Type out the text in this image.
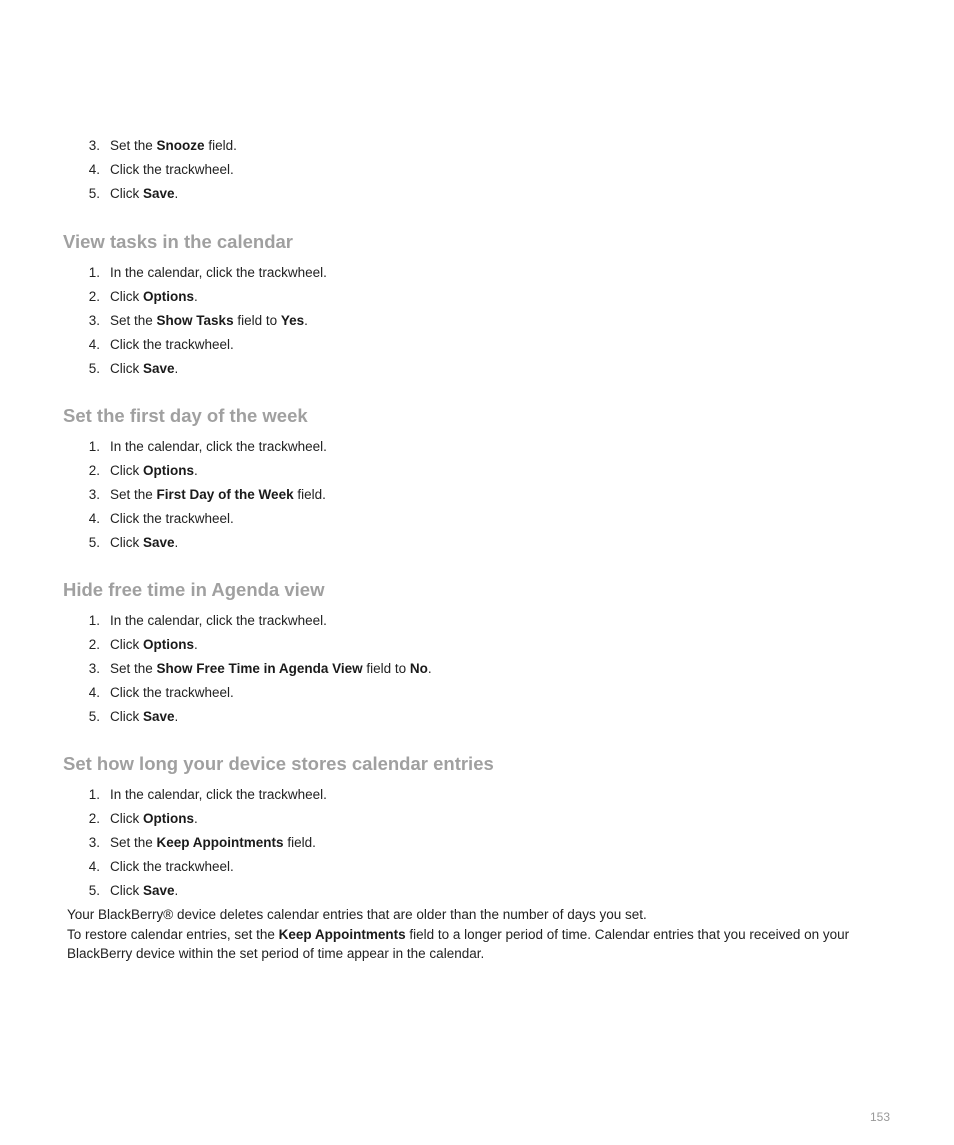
3. Set the Snooze field.
4. Click the trackwheel.
5. Click Save.
View tasks in the calendar
1. In the calendar, click the trackwheel.
2. Click Options.
3. Set the Show Tasks field to Yes.
4. Click the trackwheel.
5. Click Save.
Set the first day of the week
1. In the calendar, click the trackwheel.
2. Click Options.
3. Set the First Day of the Week field.
4. Click the trackwheel.
5. Click Save.
Hide free time in Agenda view
1. In the calendar, click the trackwheel.
2. Click Options.
3. Set the Show Free Time in Agenda View field to No.
4. Click the trackwheel.
5. Click Save.
Set how long your device stores calendar entries
1. In the calendar, click the trackwheel.
2. Click Options.
3. Set the Keep Appointments field.
4. Click the trackwheel.
5. Click Save.

Your BlackBerry® device deletes calendar entries that are older than the number of days you set.
To restore calendar entries, set the Keep Appointments field to a longer period of time. Calendar entries that you received on your BlackBerry device within the set period of time appear in the calendar.

153
